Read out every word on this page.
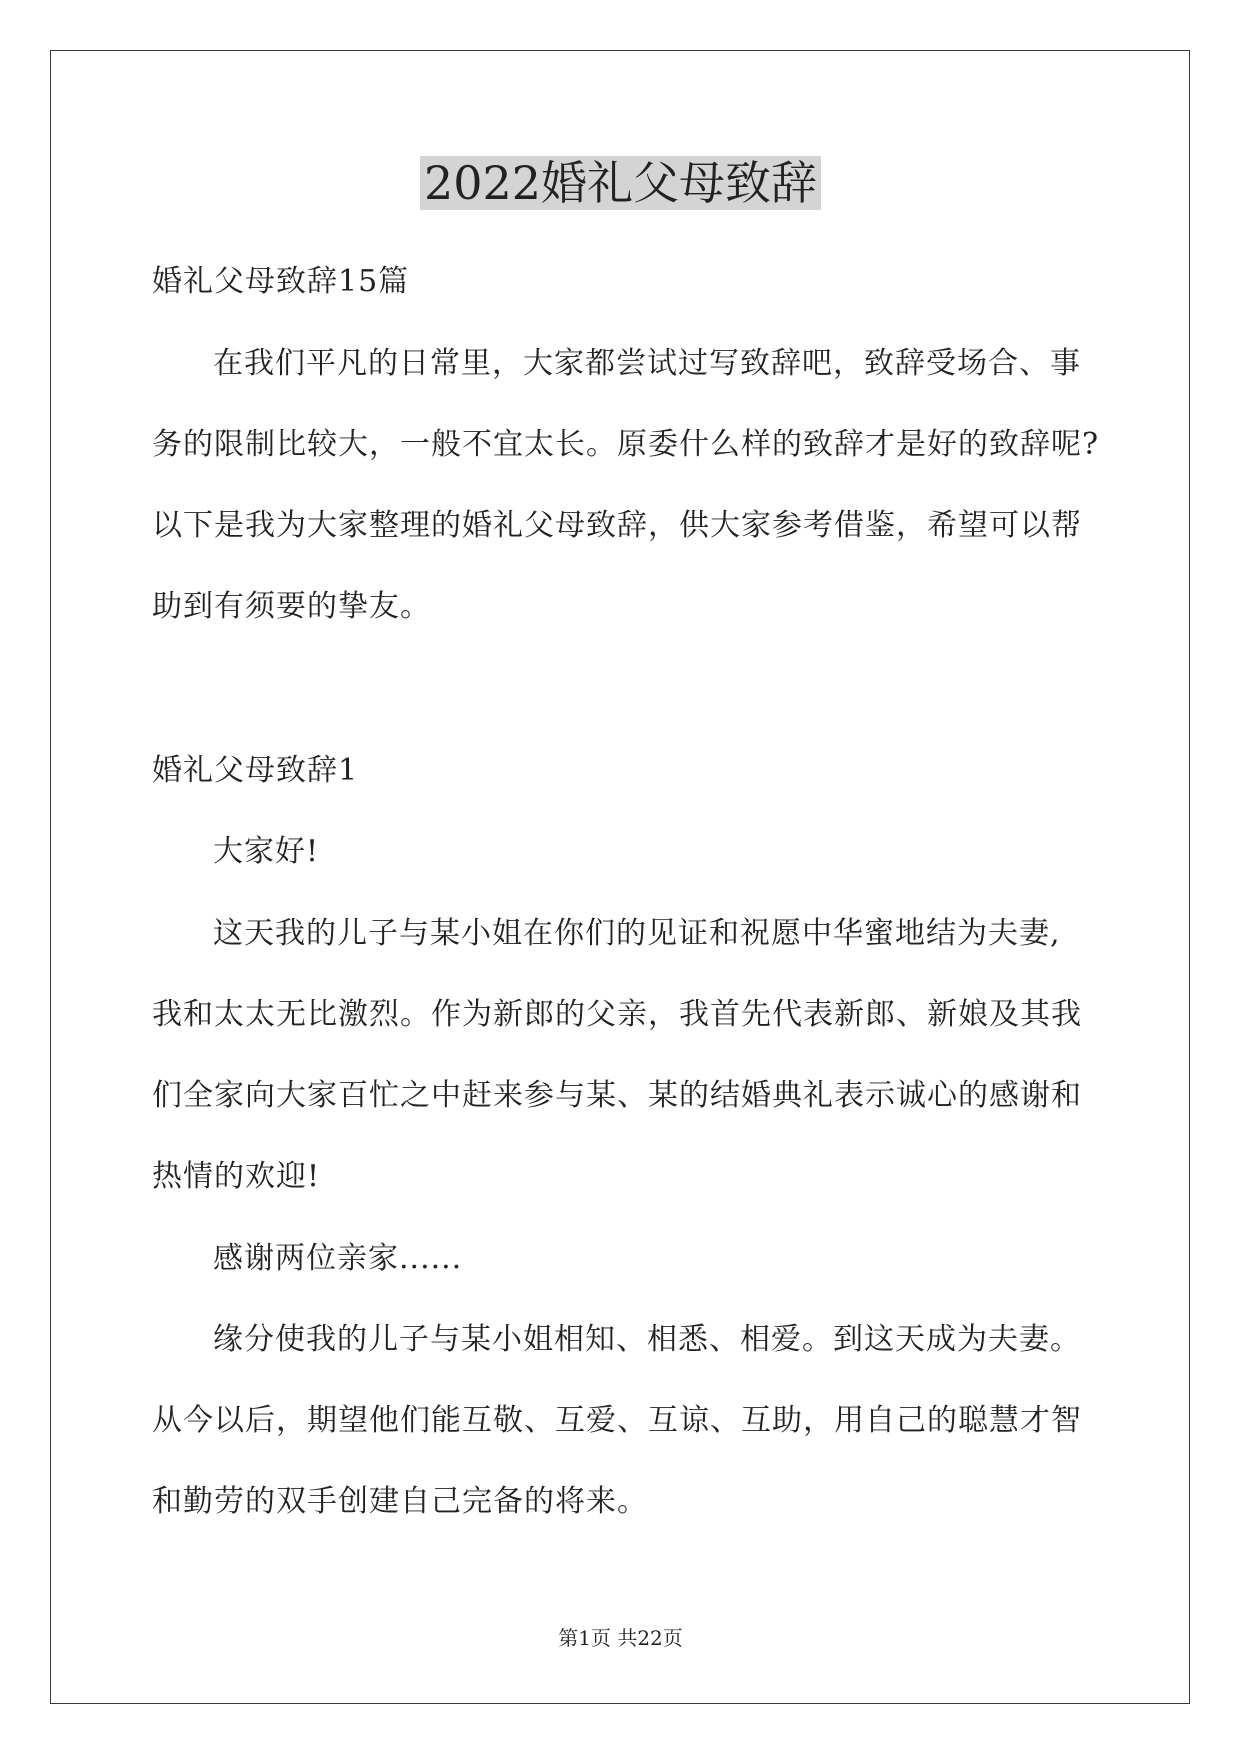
2022婚礼父母致辞
婚礼父母致辞15篇
在我们平凡的日常里，大家都尝试过写致辞吧，致辞受场合、事
务的限制比较大，一般不宜太长。原委什么样的致辞才是好的致辞呢?
以下是我为大家整理的婚礼父母致辞，供大家参考借鉴，希望可以帮
助到有须要的挚友。
婚礼父母致辞1
大家好!
这天我的儿子与某小姐在你们的见证和祝愿中华蜜地结为夫妻,
我和太太无比激烈。作为新郎的父亲，我首先代表新郎、新娘及其我
们全家向大家百忙之中赶来参与某、某的结婚典礼表示诚心的感谢和
热情的欢迎!
感谢两位亲家......
缘分使我的儿子与某小姐相知、相悉、相爱。到这天成为夫妻。
从今以后，期望他们能互敬、互爱、互谅、互助，用自己的聪慧才智
和勤劳的双手创建自己完备的将来。
第1页 共22页
